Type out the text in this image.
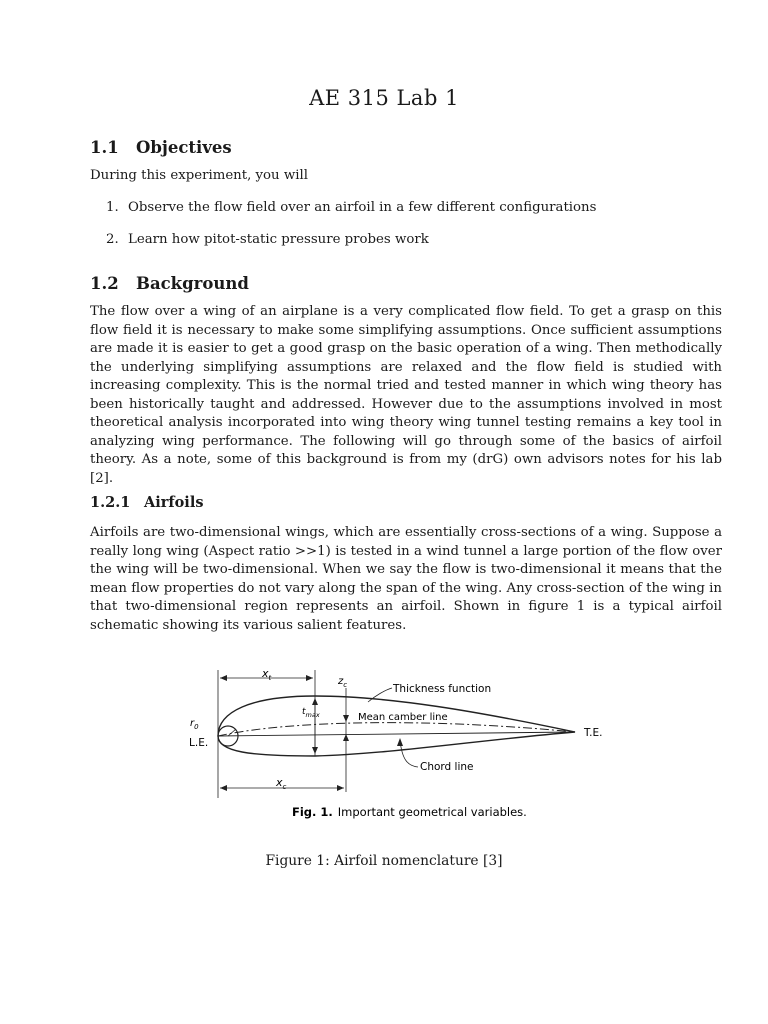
AE 315 Lab 1
1.1 Objectives

During this experiment, you will

1. Observe the flow field over an airfoil in a few different configurations
2. Learn how pitot-static pressure probes work
1.2 Background

The flow over a wing of an airplane is a very complicated flow field. To get a grasp on this flow field it is necessary to make some simplifying assumptions. Once sufficient assumptions are made it is easier to get a good grasp on the basic operation of a wing. Then methodically the underlying simplifying assumptions are relaxed and the flow field is studied with increasing complexity. This is the normal tried and tested manner in which wing theory has been historically taught and addressed. However due to the assumptions involved in most theoretical analysis incorporated into wing theory wing tunnel testing remains a key tool in analyzing wing performance. The following will go through some of the basics of airfoil theory. As a note, some of this background is from my (drG) own advisors notes for his lab [2].

1.2.1 Airfoils

Airfoils are two-dimensional wings, which are essentially cross-sections of a wing. Suppose a really long wing (Aspect ratio >>1) is tested in a wind tunnel a large portion of the flow over the wing will be two-dimensional. When we say the flow is two-dimensional it means that the mean flow properties do not vary along the span of the wing. Any cross-section of the wing in that two-dimensional region represents an airfoil. Shown in figure 1 is a typical airfoil schematic showing its various salient features.

$x_t$	$z_c$	Thickness function
$t_{max}$	Mean camber line
$r_0$
L.E.
T.E.
Chord line
$x_c$
Fig. 1. Important geometrical variables.
Figure 1: Airfoil nomenclature [3]
